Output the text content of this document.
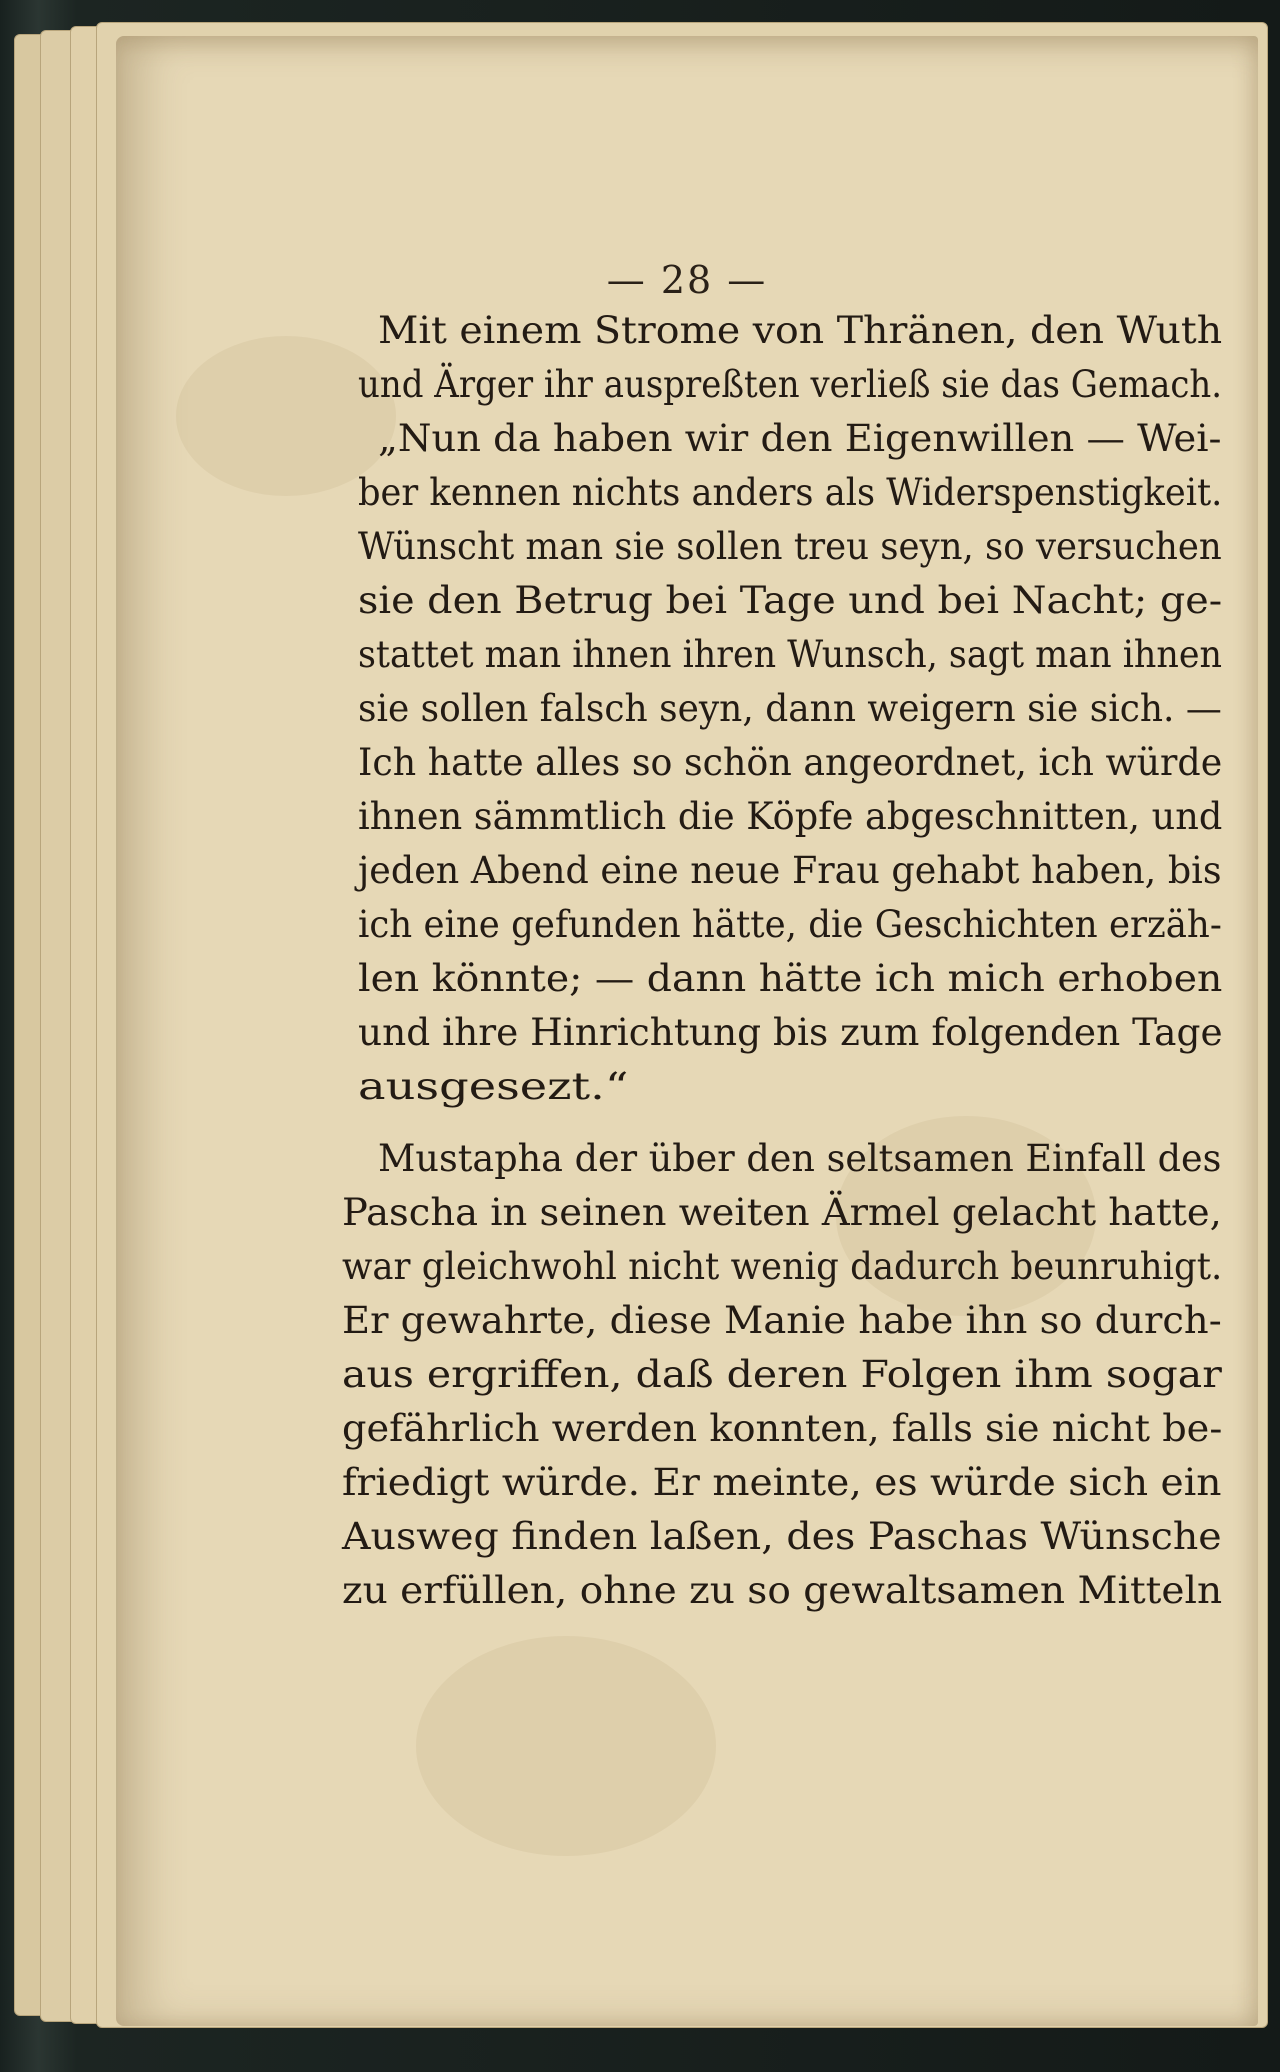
— 28 —
Mit einem Strome von Thränen, den Wuth
und Ärger ihr auspreßten verließ sie das Gemach.
„Nun da haben wir den Eigenwillen — Wei-
ber kennen nichts anders als Widerspenstigkeit.
Wünscht man sie sollen treu seyn, so versuchen
sie den Betrug bei Tage und bei Nacht; ge-
stattet man ihnen ihren Wunsch, sagt man ihnen
sie sollen falsch seyn, dann weigern sie sich. —
Ich hatte alles so schön angeordnet, ich würde
ihnen sämmtlich die Köpfe abgeschnitten, und
jeden Abend eine neue Frau gehabt haben, bis
ich eine gefunden hätte, die Geschichten erzäh-
len könnte; — dann hätte ich mich erhoben
und ihre Hinrichtung bis zum folgenden Tage
ausgesezt.“
Mustapha der über den seltsamen Einfall des
Pascha in seinen weiten Ärmel gelacht hatte,
war gleichwohl nicht wenig dadurch beunruhigt.
Er gewahrte, diese Manie habe ihn so durch-
aus ergriffen, daß deren Folgen ihm sogar
gefährlich werden konnten, falls sie nicht be-
friedigt würde. Er meinte, es würde sich ein
Ausweg finden laßen, des Paschas Wünsche
zu erfüllen, ohne zu so gewaltsamen Mitteln
